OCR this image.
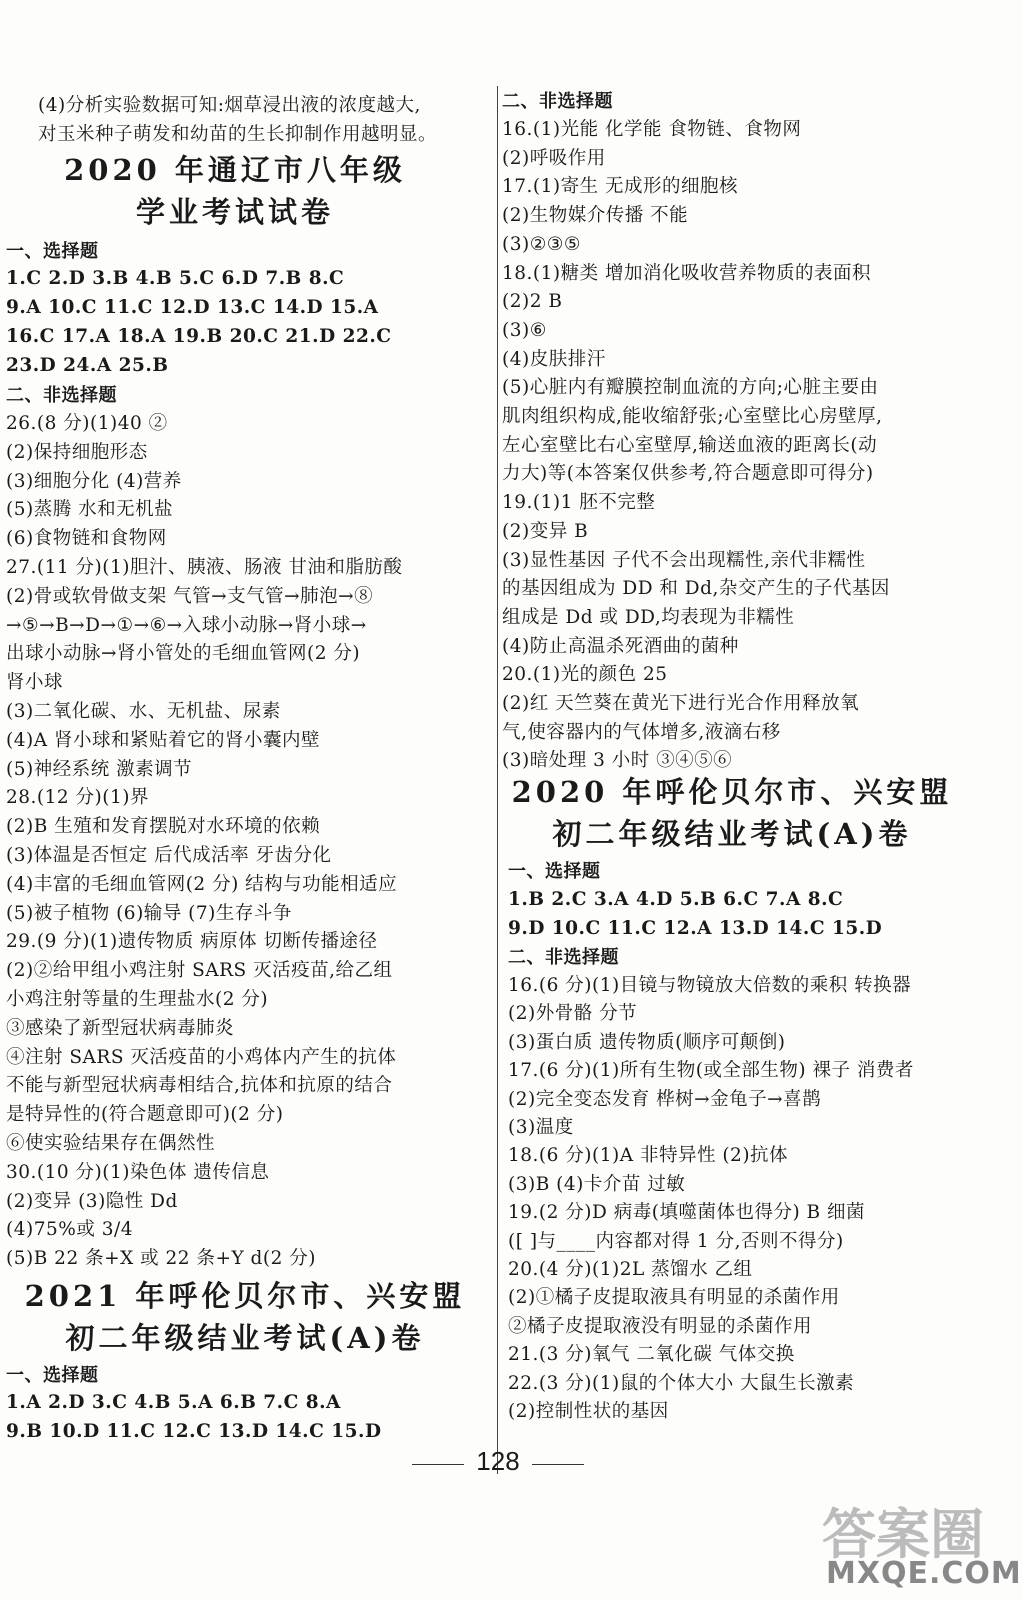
(4)分析实验数据可知:烟草浸出液的浓度越大,
对玉米种子萌发和幼苗的生长抑制作用越明显。
2020 年通辽市八年级
学业考试试卷
一、选择题
1.C 2.D 3.B 4.B 5.C 6.D 7.B 8.C
9.A 10.C 11.C 12.D 13.C 14.D 15.A
16.C 17.A 18.A 19.B 20.C 21.D 22.C
23.D 24.A 25.B
二、非选择题
26.(8 分)(1)40 ②
(2)保持细胞形态
(3)细胞分化 (4)营养
(5)蒸腾 水和无机盐
(6)食物链和食物网
27.(11 分)(1)胆汁、胰液、肠液 甘油和脂肪酸
(2)骨或软骨做支架 气管→支气管→肺泡→⑧
→⑤→B→D→①→⑥→入球小动脉→肾小球→
出球小动脉→肾小管处的毛细血管网(2 分)
肾小球
(3)二氧化碳、水、无机盐、尿素
(4)A 肾小球和紧贴着它的肾小囊内壁
(5)神经系统 激素调节
28.(12 分)(1)界
(2)B 生殖和发育摆脱对水环境的依赖
(3)体温是否恒定 后代成活率 牙齿分化
(4)丰富的毛细血管网(2 分) 结构与功能相适应
(5)被子植物 (6)输导 (7)生存斗争
29.(9 分)(1)遗传物质 病原体 切断传播途径
(2)②给甲组小鸡注射 SARS 灭活疫苗,给乙组
小鸡注射等量的生理盐水(2 分)
③感染了新型冠状病毒肺炎
④注射 SARS 灭活疫苗的小鸡体内产生的抗体
不能与新型冠状病毒相结合,抗体和抗原的结合
是特异性的(符合题意即可)(2 分)
⑥使实验结果存在偶然性
30.(10 分)(1)染色体 遗传信息
(2)变异 (3)隐性 Dd
(4)75%或 3/4
(5)B 22 条+X 或 22 条+Y d(2 分)
2021 年呼伦贝尔市、兴安盟
初二年级结业考试(A)卷
一、选择题
1.A 2.D 3.C 4.B 5.A 6.B 7.C 8.A
9.B 10.D 11.C 12.C 13.D 14.C 15.D
二、非选择题
16.(1)光能 化学能 食物链、食物网
(2)呼吸作用
17.(1)寄生 无成形的细胞核
(2)生物媒介传播 不能
(3)②③⑤
18.(1)糖类 增加消化吸收营养物质的表面积
(2)2 B
(3)⑥
(4)皮肤排汗
(5)心脏内有瓣膜控制血流的方向;心脏主要由
肌肉组织构成,能收缩舒张;心室壁比心房壁厚,
左心室壁比右心室壁厚,输送血液的距离长(动
力大)等(本答案仅供参考,符合题意即可得分)
19.(1)1 胚不完整
(2)变异 B
(3)显性基因 子代不会出现糯性,亲代非糯性
的基因组成为 DD 和 Dd,杂交产生的子代基因
组成是 Dd 或 DD,均表现为非糯性
(4)防止高温杀死酒曲的菌种
20.(1)光的颜色 25
(2)红 天竺葵在黄光下进行光合作用释放氧
气,使容器内的气体增多,液滴右移
(3)暗处理 3 小时 ③④⑤⑥
2020 年呼伦贝尔市、兴安盟
初二年级结业考试(A)卷
一、选择题
1.B 2.C 3.A 4.D 5.B 6.C 7.A 8.C
9.D 10.C 11.C 12.A 13.D 14.C 15.D
二、非选择题
16.(6 分)(1)目镜与物镜放大倍数的乘积 转换器
(2)外骨骼 分节
(3)蛋白质 遗传物质(顺序可颠倒)
17.(6 分)(1)所有生物(或全部生物) 裸子 消费者
(2)完全变态发育 桦树→金龟子→喜鹊
(3)温度
18.(6 分)(1)A 非特异性 (2)抗体
(3)B (4)卡介苗 过敏
19.(2 分)D 病毒(填噬菌体也得分) B 细菌
([ ]与____内容都对得 1 分,否则不得分)
20.(4 分)(1)2L 蒸馏水 乙组
(2)①橘子皮提取液具有明显的杀菌作用
②橘子皮提取液没有明显的杀菌作用
21.(3 分)氧气 二氧化碳 气体交换
22.(3 分)(1)鼠的个体大小 大鼠生长激素
(2)控制性状的基因
128
答案圈
MXQE.COM
